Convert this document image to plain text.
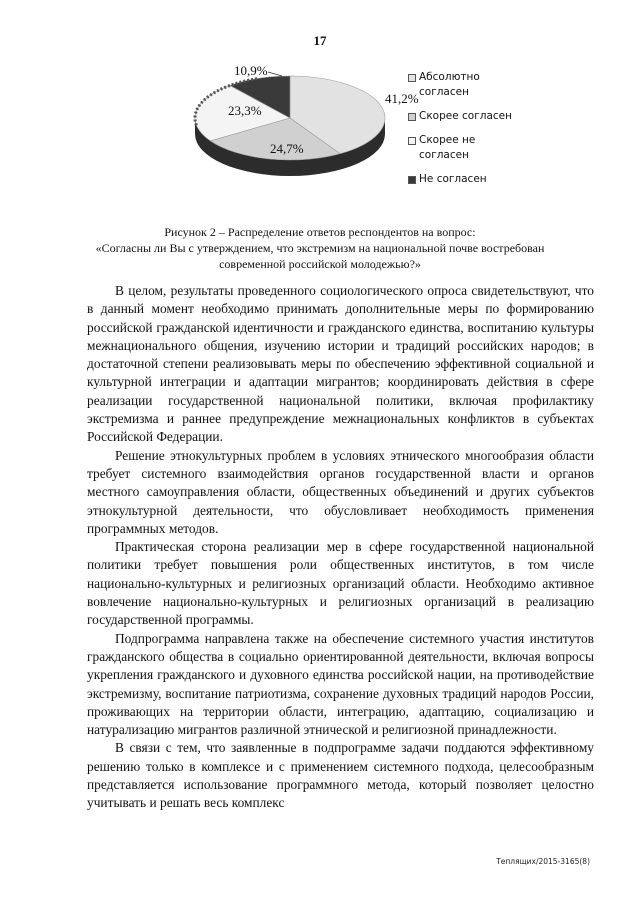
17
41,2%
24,7%
23,3%
10,9%	Абсолютно согласен
Скорее согласен
Скорее не согласен
Не согласен
Рисунок 2 – Распределение ответов респондентов на вопрос:
«Согласны ли Вы с утверждением, что экстремизм на национальной почве востребован
современной российской молодежью?»

В целом, результаты проведенного социологического опроса свидетельствуют, что в данный момент необходимо принимать дополнительные меры по формированию российской гражданской идентичности и гражданского единства, воспитанию культуры межнационального общения, изучению истории и традиций российских народов; в достаточной степени реализовывать меры по обеспечению эффективной социальной и культурной интеграции и адаптации мигрантов; координировать действия в сфере реализации государственной национальной политики, включая профилактику экстремизма и раннее предупреждение межнациональных конфликтов в субъектах Российской Федерации.

Решение этнокультурных проблем в условиях этнического многообразия области требует системного взаимодействия органов государственной власти и органов местного самоуправления области, общественных объединений и других субъектов этнокультурной деятельности, что обусловливает необходимость применения программных методов.

Практическая сторона реализации мер в сфере государственной национальной политики требует повышения роли общественных институтов, в том числе национально-культурных и религиозных организаций области. Необходимо активное вовлечение национально-культурных и религиозных организаций в реализацию государственной программы.

Подпрограмма направлена также на обеспечение системного участия институтов гражданского общества в социально ориентированной деятельности, включая вопросы укрепления гражданского и духовного единства российской нации, на противодействие экстремизму, воспитание патриотизма, сохранение духовных традиций народов России, проживающих на территории области, интеграцию, адаптацию, социализацию и натурализацию мигрантов различной этнической и религиозной принадлежности.

В связи с тем, что заявленные в подпрограмме задачи поддаются эффективному решению только в комплексе и с применением системного подхода, целесообразным представляется использование программного метода, который позволяет целостно учитывать и решать весь комплекс

Теплящих/2015-3165(8)
